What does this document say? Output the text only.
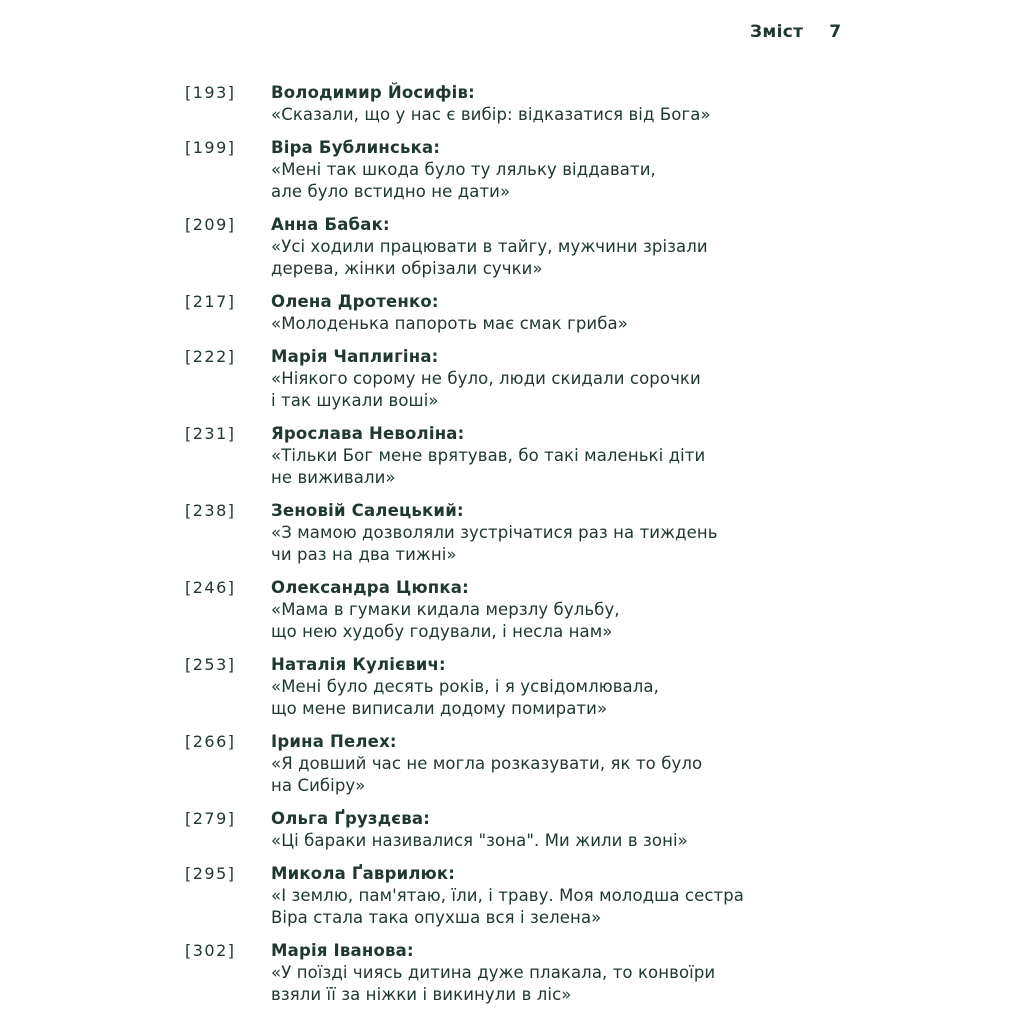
Зміст 7
[193]	Володимир Йосифів:
«Сказали, що у нас є вибір: відказатися від Бога»
[199]	Віра Бублинська:
«Мені так шкода було ту ляльку віддавати,
але було встидно не дати»
[209]	Анна Бабак:
«Усі ходили працювати в тайгу, мужчини зрізали
дерева, жінки обрізали сучки»
[217]	Олена Дротенко:
«Молоденька папороть має смак гриба»
[222]	Марія Чаплигіна:
«Ніякого сорому не було, люди скидали сорочки
і так шукали воші»
[231]	Ярослава Неволіна:
«Тільки Бог мене врятував, бо такі маленькі діти
не виживали»
[238]	Зеновій Салецький:
«З мамою дозволяли зустрічатися раз на тиждень
чи раз на два тижні»
[246]	Олександра Цюпка:
«Мама в гумаки кидала мерзлу бульбу,
що нею худобу годували, і несла нам»
[253]	Наталія Кулієвич:
«Мені було десять років, і я усвідомлювала,
що мене виписали додому помирати»
[266]	Ірина Пелех:
«Я довший час не могла розказувати, як то було
на Сибіру»
[279]	Ольга Ґруздєва:
«Ці бараки називалися "зона". Ми жили в зоні»
[295]	Микола Ґаврилюк:
«І землю, пам'ятаю, їли, і траву. Моя молодша сестра
Віра стала така опухша вся і зелена»
[302]	Марія Іванова:
«У поїзді чиясь дитина дуже плакала, то конвоїри
взяли її за ніжки і викинули в ліс»
